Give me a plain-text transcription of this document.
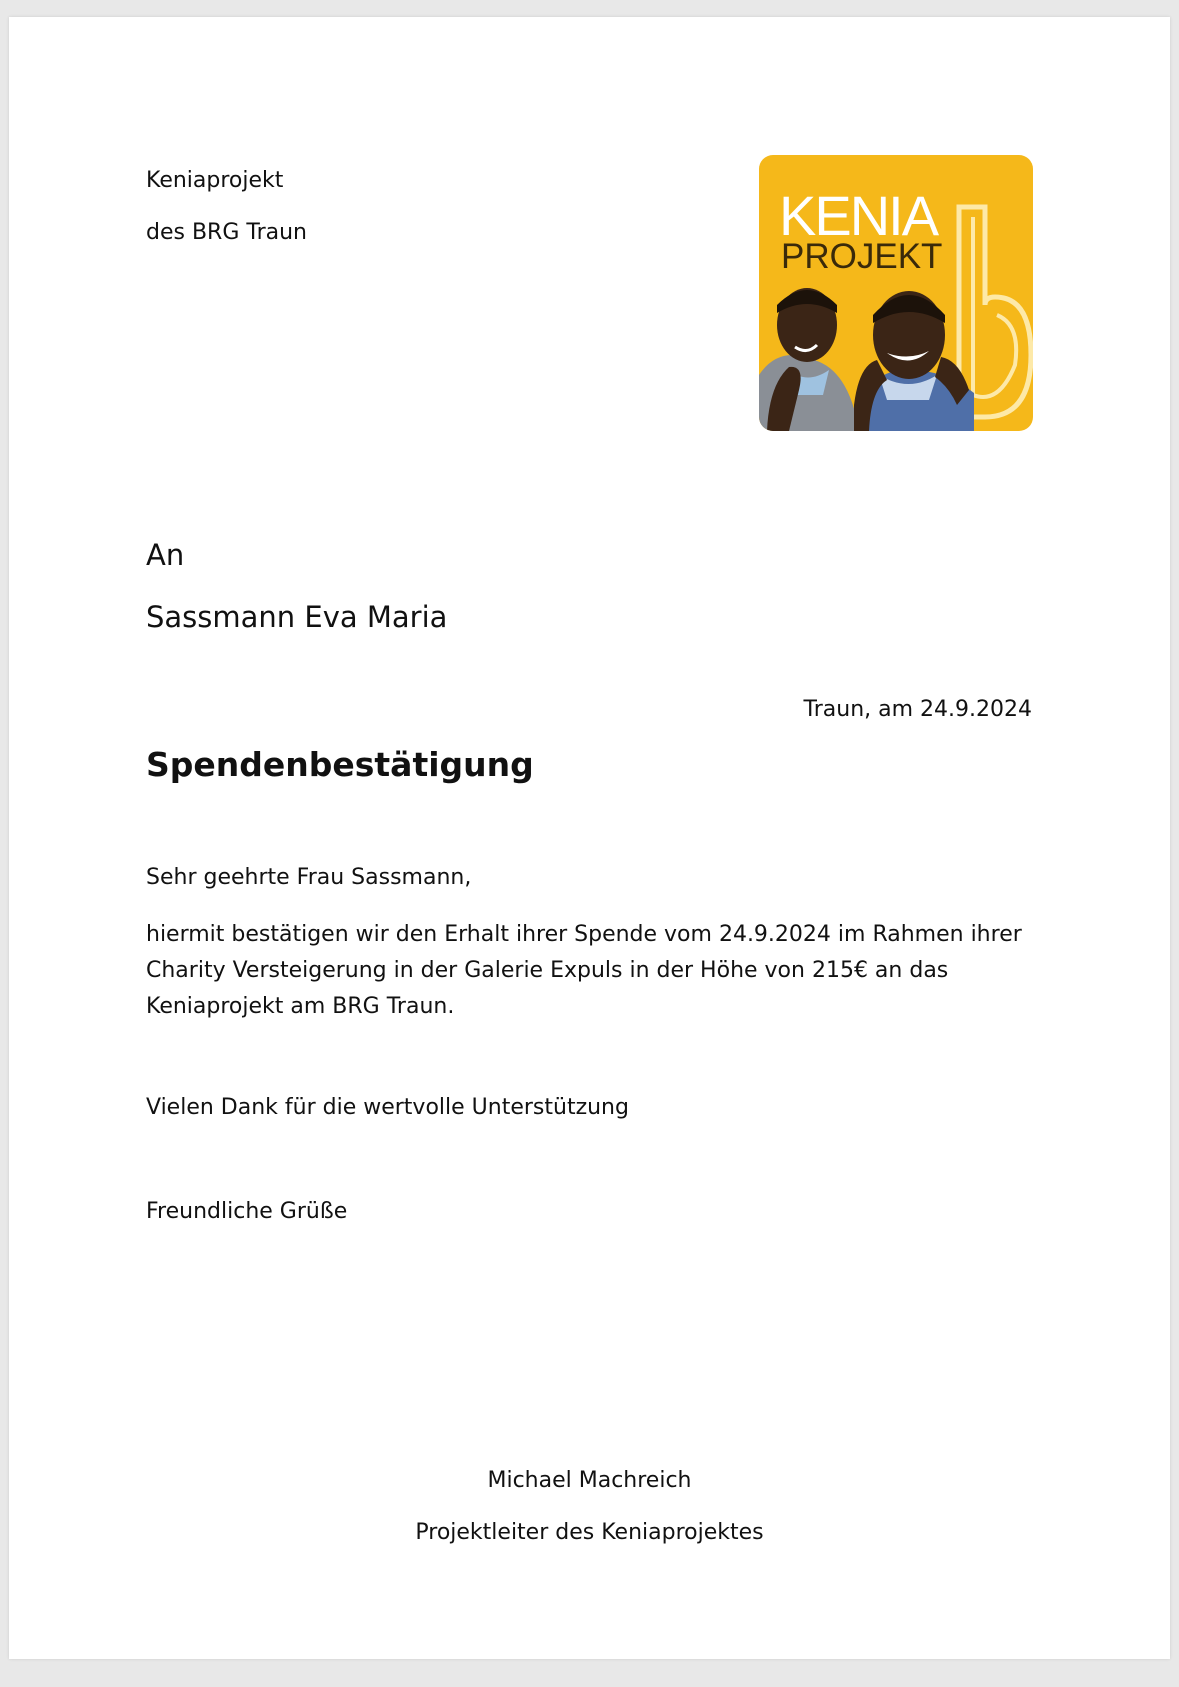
Keniaprojekt
des BRG Traun	KENIA
PROJEKT
An
Sassmann Eva Maria
Traun, am 24.9.2024
Spendenbestätigung
Sehr geehrte Frau Sassmann,
hiermit bestätigen wir den Erhalt ihrer Spende vom 24.9.2024 im Rahmen ihrer Charity Versteigerung in der Galerie Expuls in der Höhe von 215€ an das Keniaprojekt am BRG Traun.
Vielen Dank für die wertvolle Unterstützung
Freundliche Grüße
Michael Machreich
Projektleiter des Keniaprojektes
